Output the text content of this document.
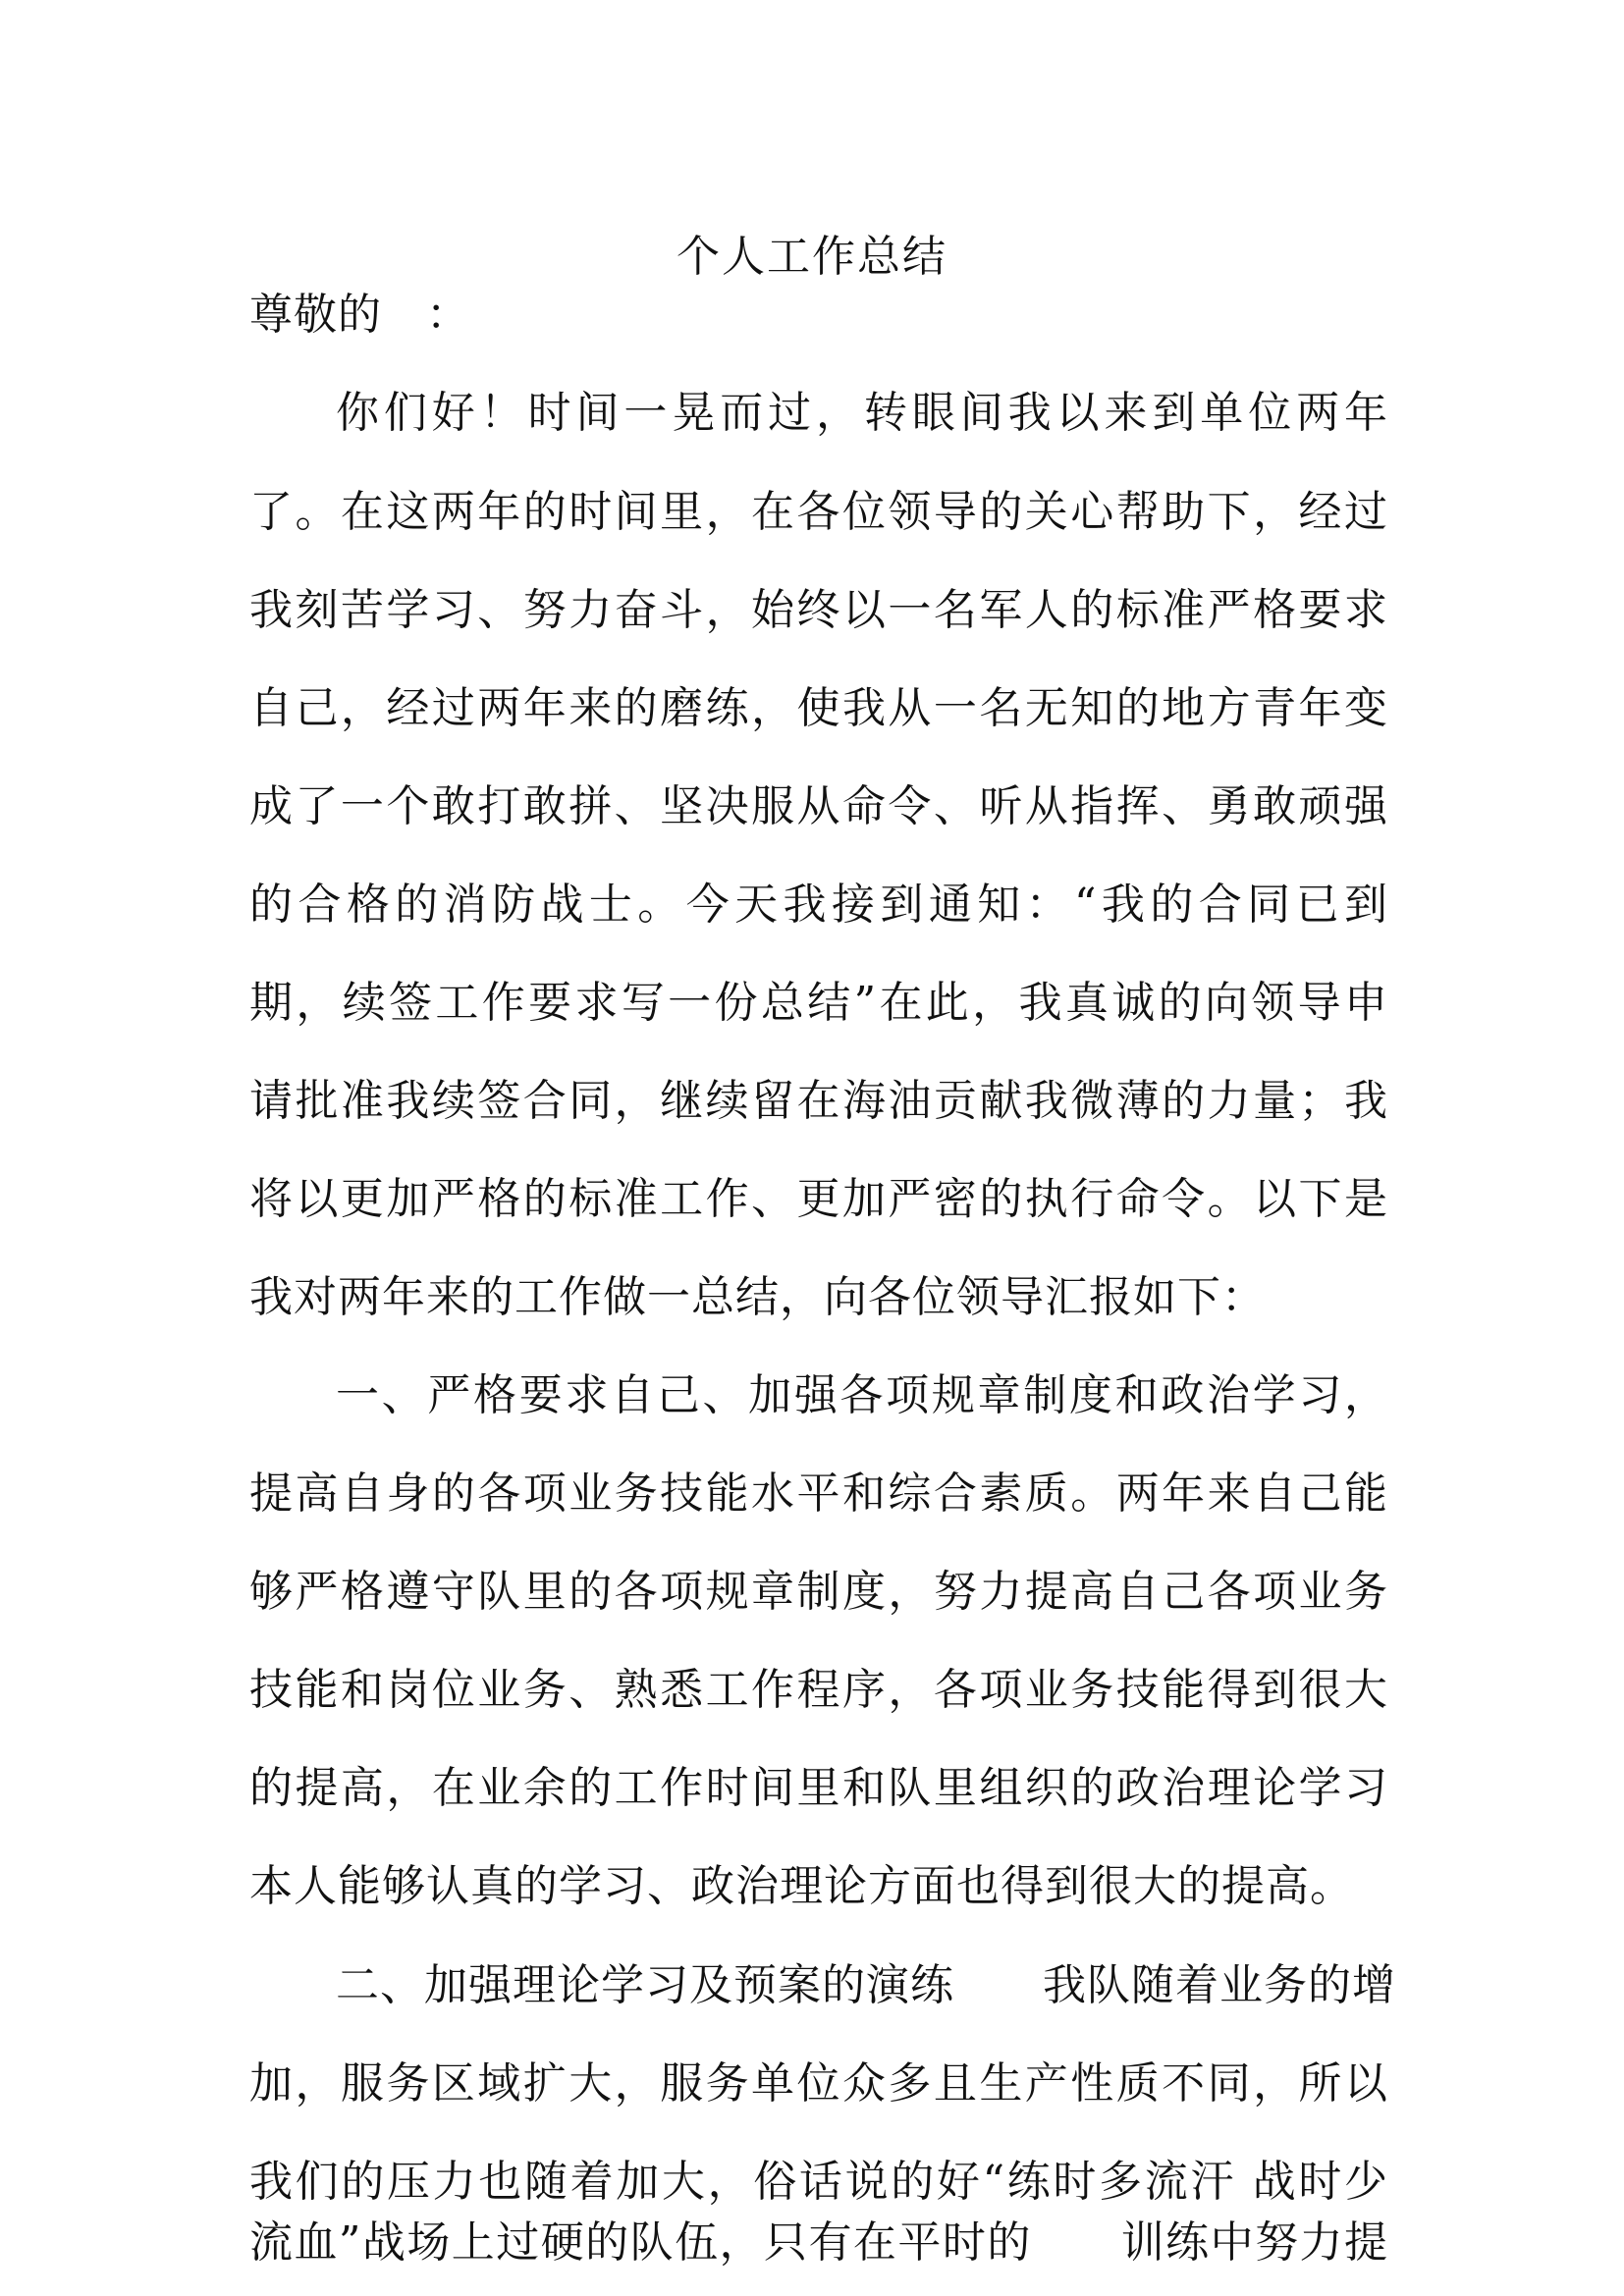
个人工作总结
尊敬的　：
你们好！时间一晃而过，转眼间我以来到单位两年
了。在这两年的时间里，在各位领导的关心帮助下，经过
我刻苦学习、努力奋斗，始终以一名军人的标准严格要求
自己，经过两年来的磨练，使我从一名无知的地方青年变
成了一个敢打敢拼、坚决服从命令、听从指挥、勇敢顽强
的合格的消防战士。今天我接到通知：“我的合同已到
期，续签工作要求写一份总结”在此，我真诚的向领导申
请批准我续签合同，继续留在海油贡献我微薄的力量；我
将以更加严格的标准工作、更加严密的执行命令。以下是
我对两年来的工作做一总结，向各位领导汇报如下：
一、严格要求自己、加强各项规章制度和政治学习，
提高自身的各项业务技能水平和综合素质。两年来自己能
够严格遵守队里的各项规章制度，努力提高自己各项业务
技能和岗位业务、熟悉工作程序，各项业务技能得到很大
的提高，在业余的工作时间里和队里组织的政治理论学习
本人能够认真的学习、政治理论方面也得到很大的提高。
二、加强理论学习及预案的演练　　我队随着业务的增
加，服务区域扩大，服务单位众多且生产性质不同，所以
我们的压力也随着加大，俗话说的好“练时多流汗 战时少
流血”战场上过硬的队伍，只有在平时的　　训练中努力提
